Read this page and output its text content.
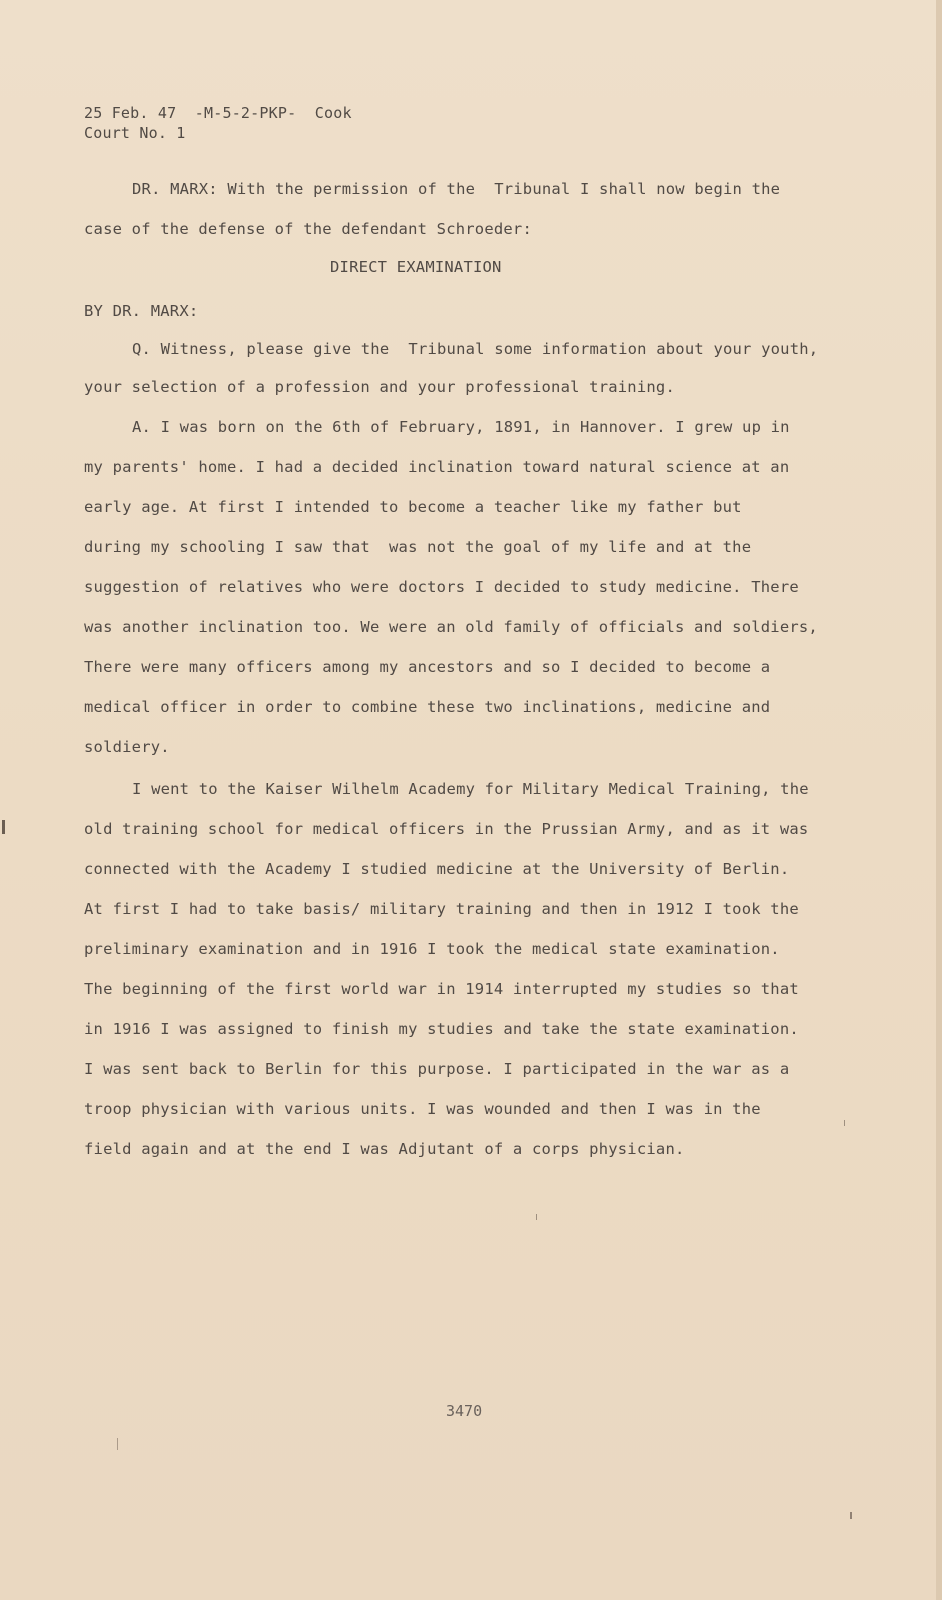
25 Feb. 47  -M-5-2-PKP-  Cook
Court No. 1
DR. MARX: With the permission of the  Tribunal I shall now begin the
case of the defense of the defendant Schroeder:
DIRECT EXAMINATION
BY DR. MARX:
Q. Witness, please give the  Tribunal some information about your youth,
your selection of a profession and your professional training.
A. I was born on the 6th of February, 1891, in Hannover. I grew up in
my parents' home. I had a decided inclination toward natural science at an
early age. At first I intended to become a teacher like my father but
during my schooling I saw that  was not the goal of my life and at the
suggestion of relatives who were doctors I decided to study medicine. There
was another inclination too. We were an old family of officials and soldiers,
There were many officers among my ancestors and so I decided to become a
medical officer in order to combine these two inclinations, medicine and
soldiery.
I went to the Kaiser Wilhelm Academy for Military Medical Training, the
old training school for medical officers in the Prussian Army, and as it was
connected with the Academy I studied medicine at the University of Berlin.
At first I had to take basis/ military training and then in 1912 I took the
preliminary examination and in 1916 I took the medical state examination.
The beginning of the first world war in 1914 interrupted my studies so that
in 1916 I was assigned to finish my studies and take the state examination.
I was sent back to Berlin for this purpose. I participated in the war as a
troop physician with various units. I was wounded and then I was in the
field again and at the end I was Adjutant of a corps physician.
3470
